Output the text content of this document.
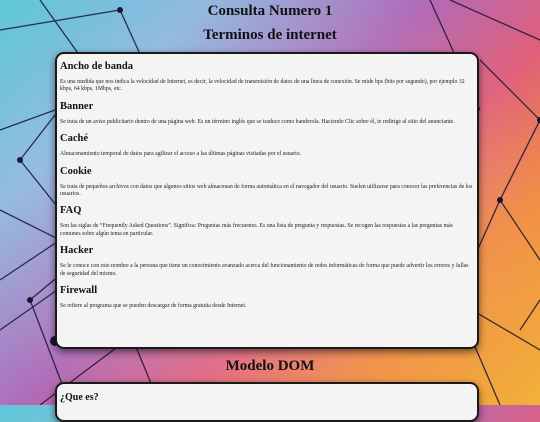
Consulta Numero 1
Terminos de internet

Ancho de banda

Es una medida que nos indica la velocidad de Internet, es decir, la velocidad de transmisión de datos de una línea de conexión. Se mide bps (bits por segundo), por ejemplo 32 kbps, 64 kbps, 1Mbps, etc.

Banner

Se trata de un aviso publicitario dentro de una página web. Es un término inglés que se traduce como banderola. Haciendo Clic sobre él, te redirige al sitio del anunciante.

Caché

Almacenamiento temporal de datos para agilizar el acceso a las últimas páginas visitadas por el usuario.

Cookie

Se trata de pequeños archivos con datos que algunos sitios web almacenan de forma automática en el navegador del usuario. Suelen utilizarse para conocer las preferencias de los usuarios.

FAQ

Son las siglas de “Frequently Asked Questions”. Significa: Preguntas más frecuentes. Es una lista de pregunta y respuestas. Se recogen las respuestas a las preguntas más comunes sobre algún tema en particular.

Hacker

Se le conoce con este nombre a la persona que tiene un conocimiento avanzado acerca del funcionamiento de redes informáticas de forma que puede advertir los errores y fallas de seguridad del mismo.

Firewall

Se refiere al programa que se pueden descargar de forma gratuita desde Internet.

Modelo DOM

¿Que es?
